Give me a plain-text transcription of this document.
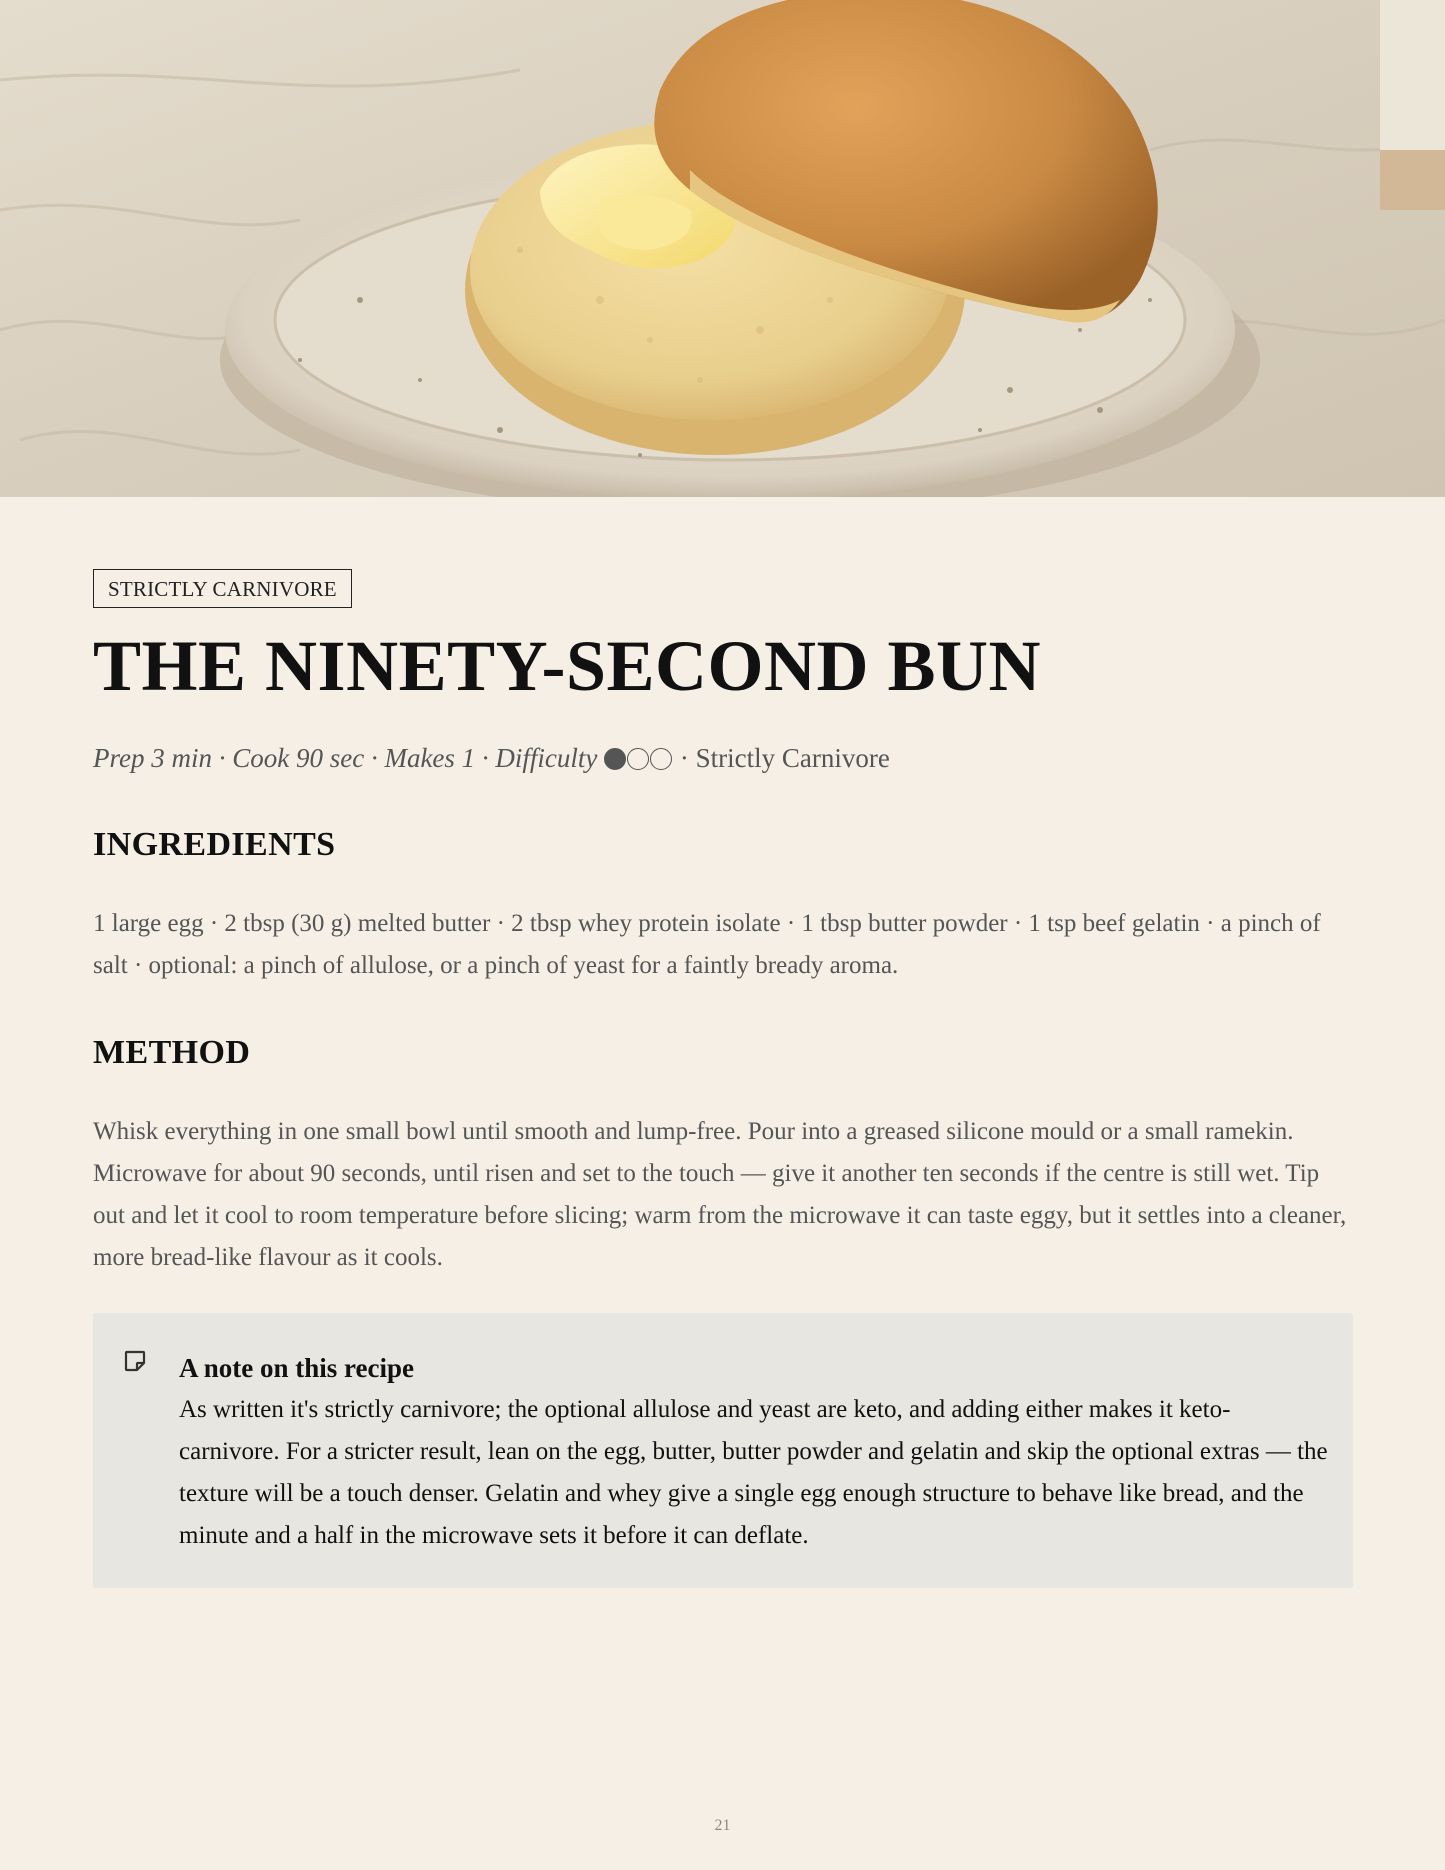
STRICTLY CARNIVORE
THE NINETY-SECOND BUN
Prep 3 min · Cook 90 sec · Makes 1 · Difficulty	· Strictly Carnivore
INGREDIENTS
1 large egg · 2 tbsp (30 g) melted butter · 2 tbsp whey protein isolate · 1 tbsp butter powder · 1 tsp beef gelatin · a pinch of salt · optional: a pinch of allulose, or a pinch of yeast for a faintly bready aroma.
METHOD
Whisk everything in one small bowl until smooth and lump-free. Pour into a greased silicone mould or a small ramekin. Microwave for about 90 seconds, until risen and set to the touch — give it another ten seconds if the centre is still wet. Tip out and let it cool to room temperature before slicing; warm from the microwave it can taste eggy, but it settles into a cleaner, more bread-like flavour as it cools.
A note on this recipe
As written it's strictly carnivore; the optional allulose and yeast are keto, and adding either makes it keto-carnivore. For a stricter result, lean on the egg, butter, butter powder and gelatin and skip the optional extras — the texture will be a touch denser. Gelatin and whey give a single egg enough structure to behave like bread, and the minute and a half in the microwave sets it before it can deflate.
21
